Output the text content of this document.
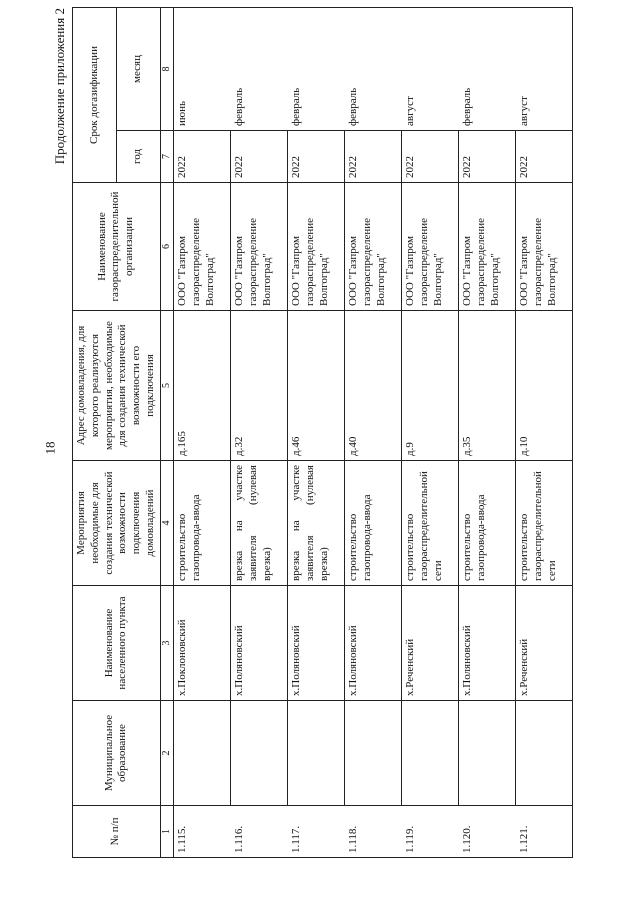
18
Продолжение приложения 2
№ п/п	Муниципальное образование	Наименование населенного пункта	Мероприятия необходимые для создания технической возможности подключения домовладений	Адрес домовладения, для которого реализуются мероприятия, необходимые для создания технической возможности его подключения	Наименование газораспределительной организации	Срок догазификации	
						год	месяц
1	2	3	4	5	6	7	8
1.115.		х.Поклоновский	строительство газопровода-ввода	д.165	ООО "Газпром газораспределение Волгоград"	2022	июнь
1.116.		х.Поляновский	врезка на участке заявителя (нулевая врезка)	д.32	ООО "Газпром газораспределение Волгоград"	2022	февраль
1.117.		х.Поляновский	врезка на участке заявителя (нулевая врезка)	д.46	ООО "Газпром газораспределение Волгоград"	2022	февраль
1.118.		х.Поляновский	строительство газопровода-ввода	д.40	ООО "Газпром газораспределение Волгоград"	2022	февраль
1.119.		х.Реченский	строительство газораспределительной сети	д.9	ООО "Газпром газораспределение Волгоград"	2022	август
1.120.		х.Поляновский	строительство газопровода-ввода	д.35	ООО "Газпром газораспределение Волгоград"	2022	февраль
1.121.		х.Реченский	строительство газораспределительной сети	д.10	ООО "Газпром газораспределение Волгоград"	2022	август
